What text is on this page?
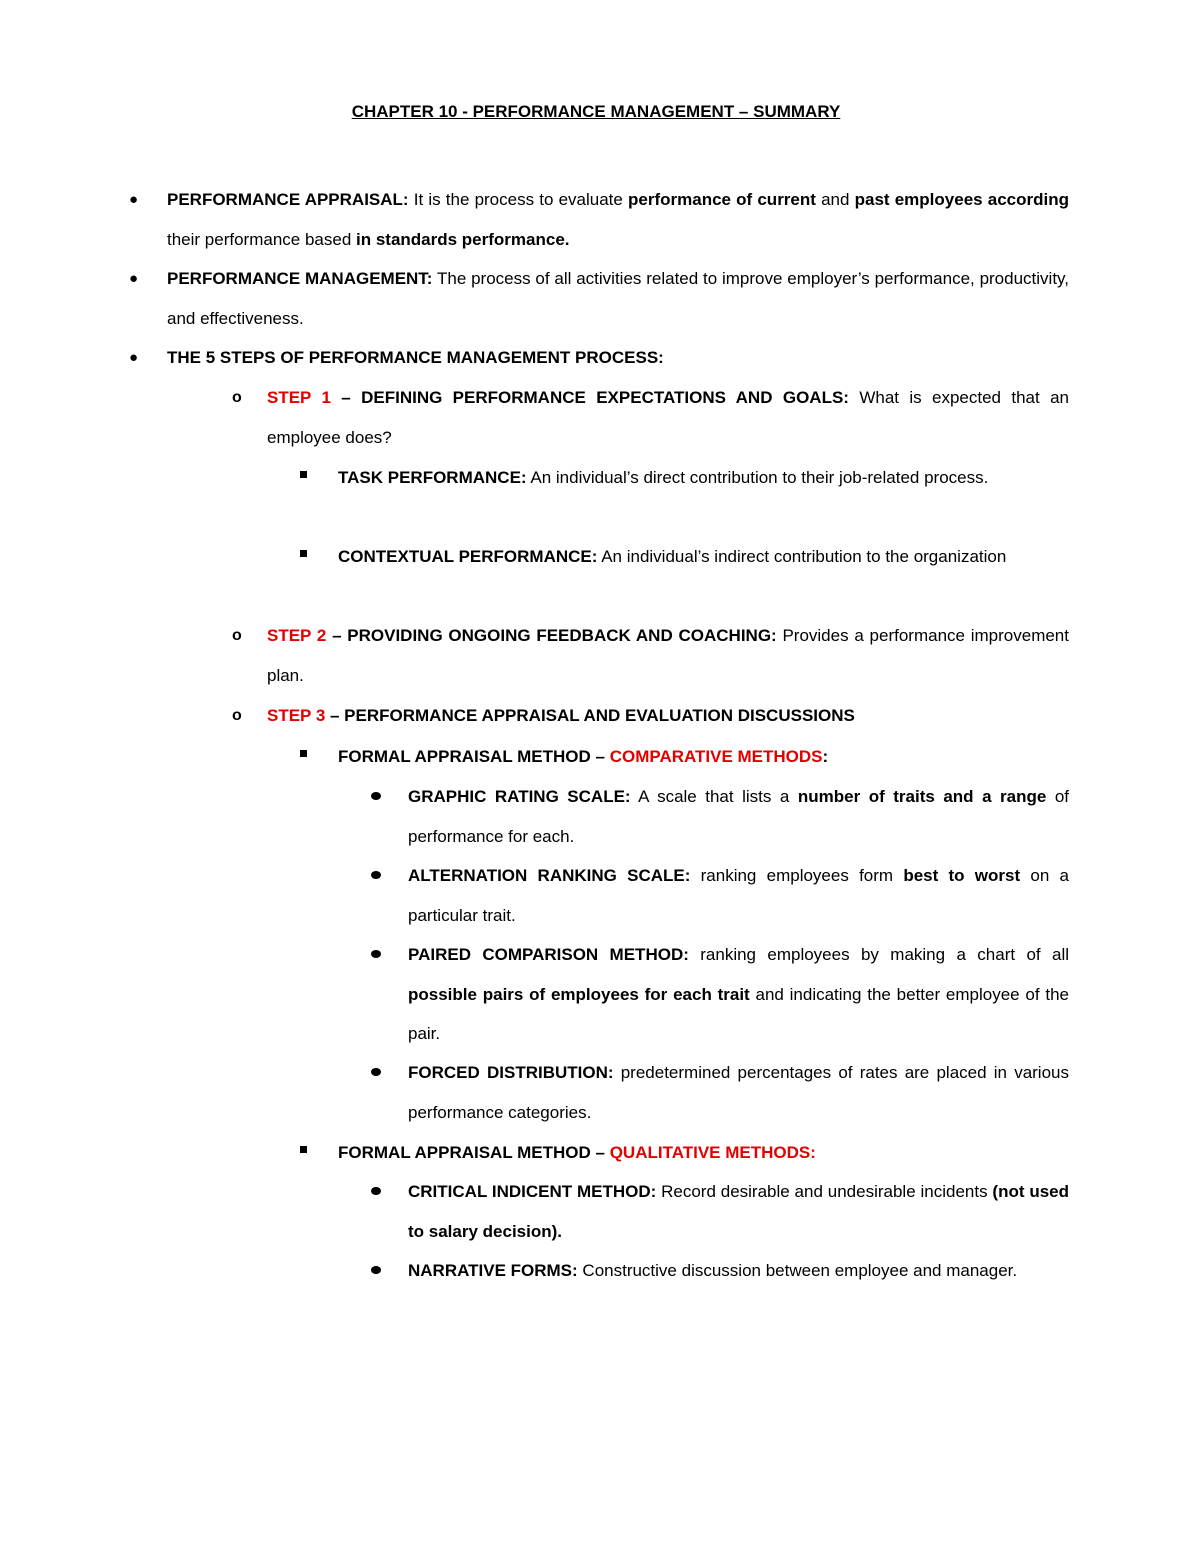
CHAPTER 10 - PERFORMANCE MANAGEMENT – SUMMARY
● PERFORMANCE APPRAISAL: It is the process to evaluate performance of current and past employees according their performance based in standards performance.
● PERFORMANCE MANAGEMENT: The process of all activities related to improve employer’s performance, productivity, and effectiveness.
● THE 5 STEPS OF PERFORMANCE MANAGEMENT PROCESS:
o STEP 1 – DEFINING PERFORMANCE EXPECTATIONS AND GOALS: What is expected that an employee does?
TASK PERFORMANCE: An individual’s direct contribution to their job-related process.
CONTEXTUAL PERFORMANCE: An individual’s indirect contribution to the organization
o STEP 2 – PROVIDING ONGOING FEEDBACK AND COACHING: Provides a performance improvement plan.
o STEP 3 – PERFORMANCE APPRAISAL AND EVALUATION DISCUSSIONS
FORMAL APPRAISAL METHOD – COMPARATIVE METHODS:
GRAPHIC RATING SCALE: A scale that lists a number of traits and a range of performance for each.
ALTERNATION RANKING SCALE: ranking employees form best to worst on a particular trait.
PAIRED COMPARISON METHOD: ranking employees by making a chart of all possible pairs of employees for each trait and indicating the better employee of the pair.
FORCED DISTRIBUTION: predetermined percentages of rates are placed in various performance categories.
FORMAL APPRAISAL METHOD – QUALITATIVE METHODS:
CRITICAL INDICENT METHOD: Record desirable and undesirable incidents (not used to salary decision).
NARRATIVE FORMS: Constructive discussion between employee and manager.
